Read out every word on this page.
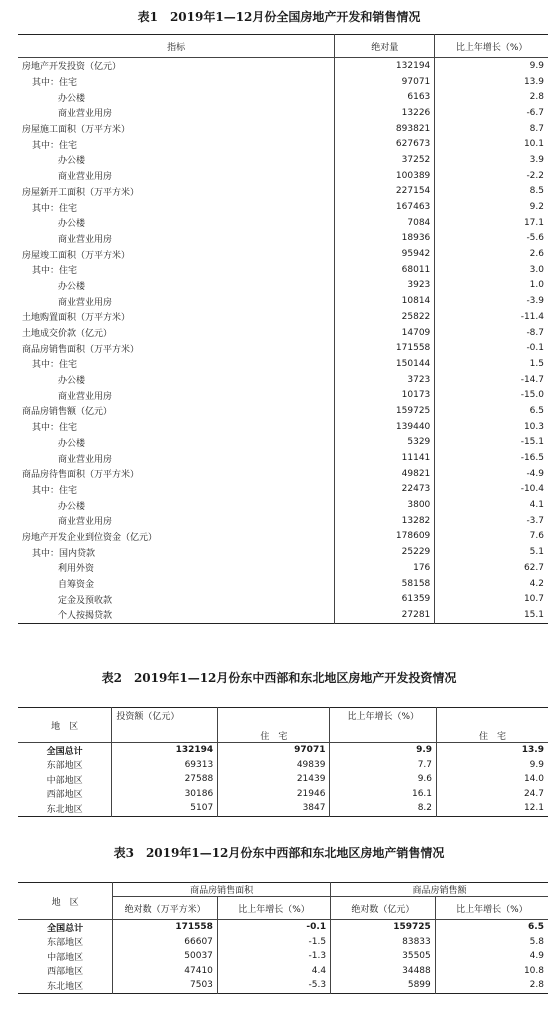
表1　2019年1—12月份全国房地产开发和销售情况
指标	绝对量	比上年增长（%）
房地产开发投资（亿元）	132194	9.9
其中：住宅	97071	13.9
办公楼	6163	2.8
商业营业用房	13226	-6.7
房屋施工面积（万平方米）	893821	8.7
其中：住宅	627673	10.1
办公楼	37252	3.9
商业营业用房	100389	-2.2
房屋新开工面积（万平方米）	227154	8.5
其中：住宅	167463	9.2
办公楼	7084	17.1
商业营业用房	18936	-5.6
房屋竣工面积（万平方米）	95942	2.6
其中：住宅	68011	3.0
办公楼	3923	1.0
商业营业用房	10814	-3.9
土地购置面积（万平方米）	25822	-11.4
土地成交价款（亿元）	14709	-8.7
商品房销售面积（万平方米）	171558	-0.1
其中：住宅	150144	1.5
办公楼	3723	-14.7
商业营业用房	10173	-15.0
商品房销售额（亿元）	159725	6.5
其中：住宅	139440	10.3
办公楼	5329	-15.1
商业营业用房	11141	-16.5
商品房待售面积（万平方米）	49821	-4.9
其中：住宅	22473	-10.4
办公楼	3800	4.1
商业营业用房	13282	-3.7
房地产开发企业到位资金（亿元）	178609	7.6
其中：国内贷款	25229	5.1
利用外资	176	62.7
自筹资金	58158	4.2
定金及预收款	61359	10.7
个人按揭贷款	27281	15.1
表2　2019年1—12月份东中西部和东北地区房地产开发投资情况
地　区	投资额（亿元）	住　宅	比上年增长（%）	住　宅

全国总计	132194	97071	9.9	13.9
东部地区	69313	49839	7.7	9.9
中部地区	27588	21439	9.6	14.0
西部地区	30186	21946	16.1	24.7
东北地区	5107	3847	8.2	12.1
表3　2019年1—12月份东中西部和东北地区房地产销售情况
地　区	商品房销售面积		商品房销售额	
	绝对数（万平方米）	比上年增长（%）	绝对数（亿元）	比上年增长（%）
全国总计	171558	-0.1	159725	6.5
东部地区	66607	-1.5	83833	5.8
中部地区	50037	-1.3	35505	4.9
西部地区	47410	4.4	34488	10.8
东北地区	7503	-5.3	5899	2.8
